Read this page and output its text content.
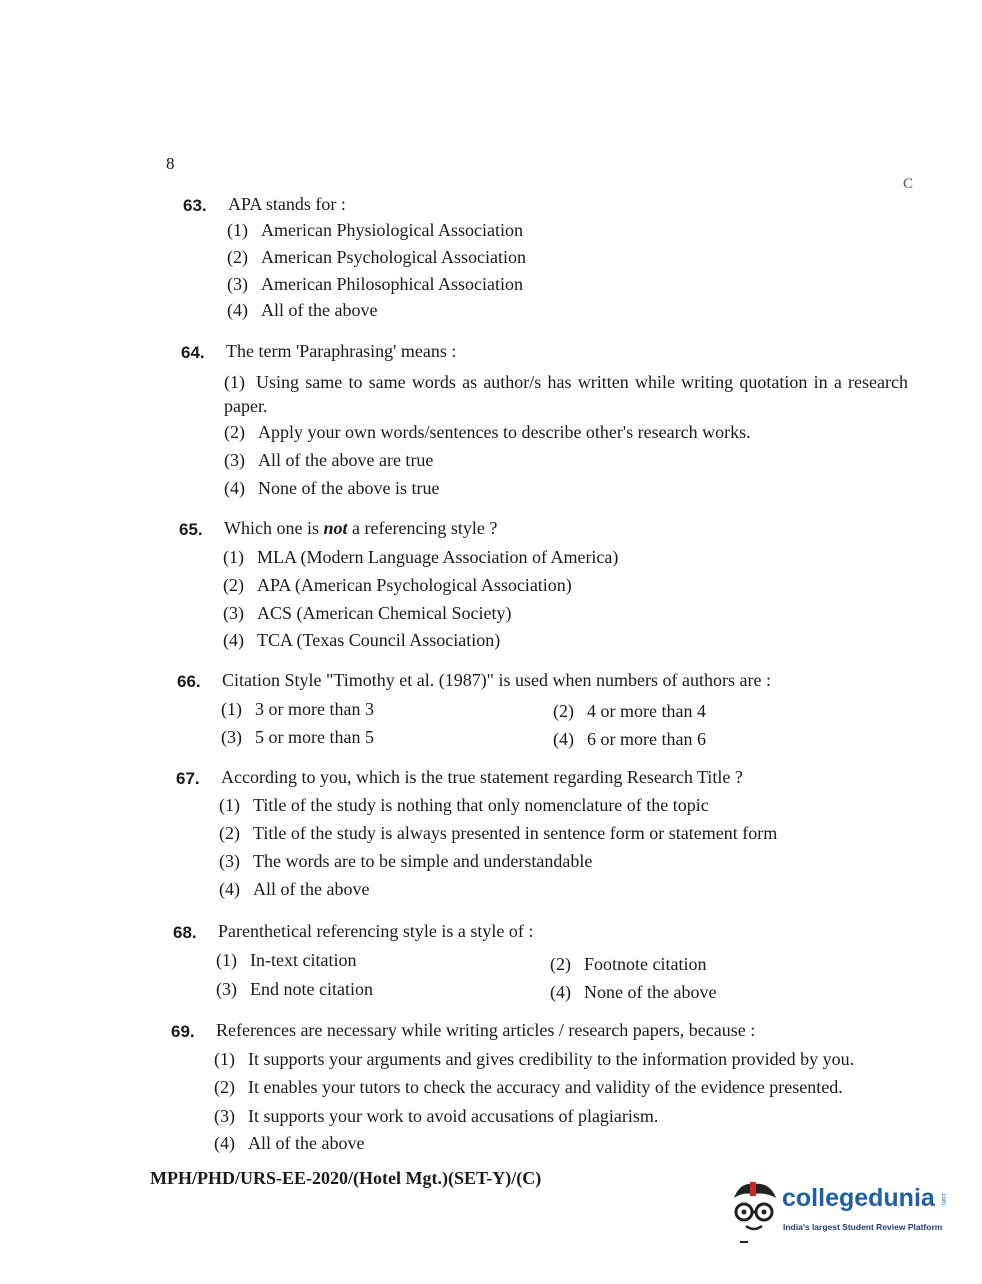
8
C
63. APA stands for :
(1) American Physiological Association
(2) American Psychological Association
(3) American Philosophical Association
(4) All of the above
64. The term 'Paraphrasing' means :
(1) Using same to same words as author/s has written while writing quotation in a research paper.
(2) Apply your own words/sentences to describe other's research works.
(3) All of the above are true
(4) None of the above is true
65. Which one is not a referencing style ?
(1) MLA (Modern Language Association of America)
(2) APA (American Psychological Association)
(3) ACS (American Chemical Society)
(4) TCA (Texas Council Association)
66. Citation Style "Timothy et al. (1987)" is used when numbers of authors are :
(1) 3 or more than 3	(2) 4 or more than 4
(3) 5 or more than 5	(4) 6 or more than 6
67. According to you, which is the true statement regarding Research Title ?
(1) Title of the study is nothing that only nomenclature of the topic
(2) Title of the study is always presented in sentence form or statement form
(3) The words are to be simple and understandable
(4) All of the above
68. Parenthetical referencing style is a style of :
(1) In-text citation	(2) Footnote citation
(3) End note citation	(4) None of the above
69. References are necessary while writing articles / research papers, because :
(1) It supports your arguments and gives credibility to the information provided by you.
(2) It enables your tutors to check the accuracy and validity of the evidence presented.
(3) It supports your work to avoid accusations of plagiarism.
(4) All of the above
MPH/PHD/URS-EE-2020/(Hotel Mgt.)(SET-Y)/(C)
collegedunia .com
India's largest Student Review Platform
